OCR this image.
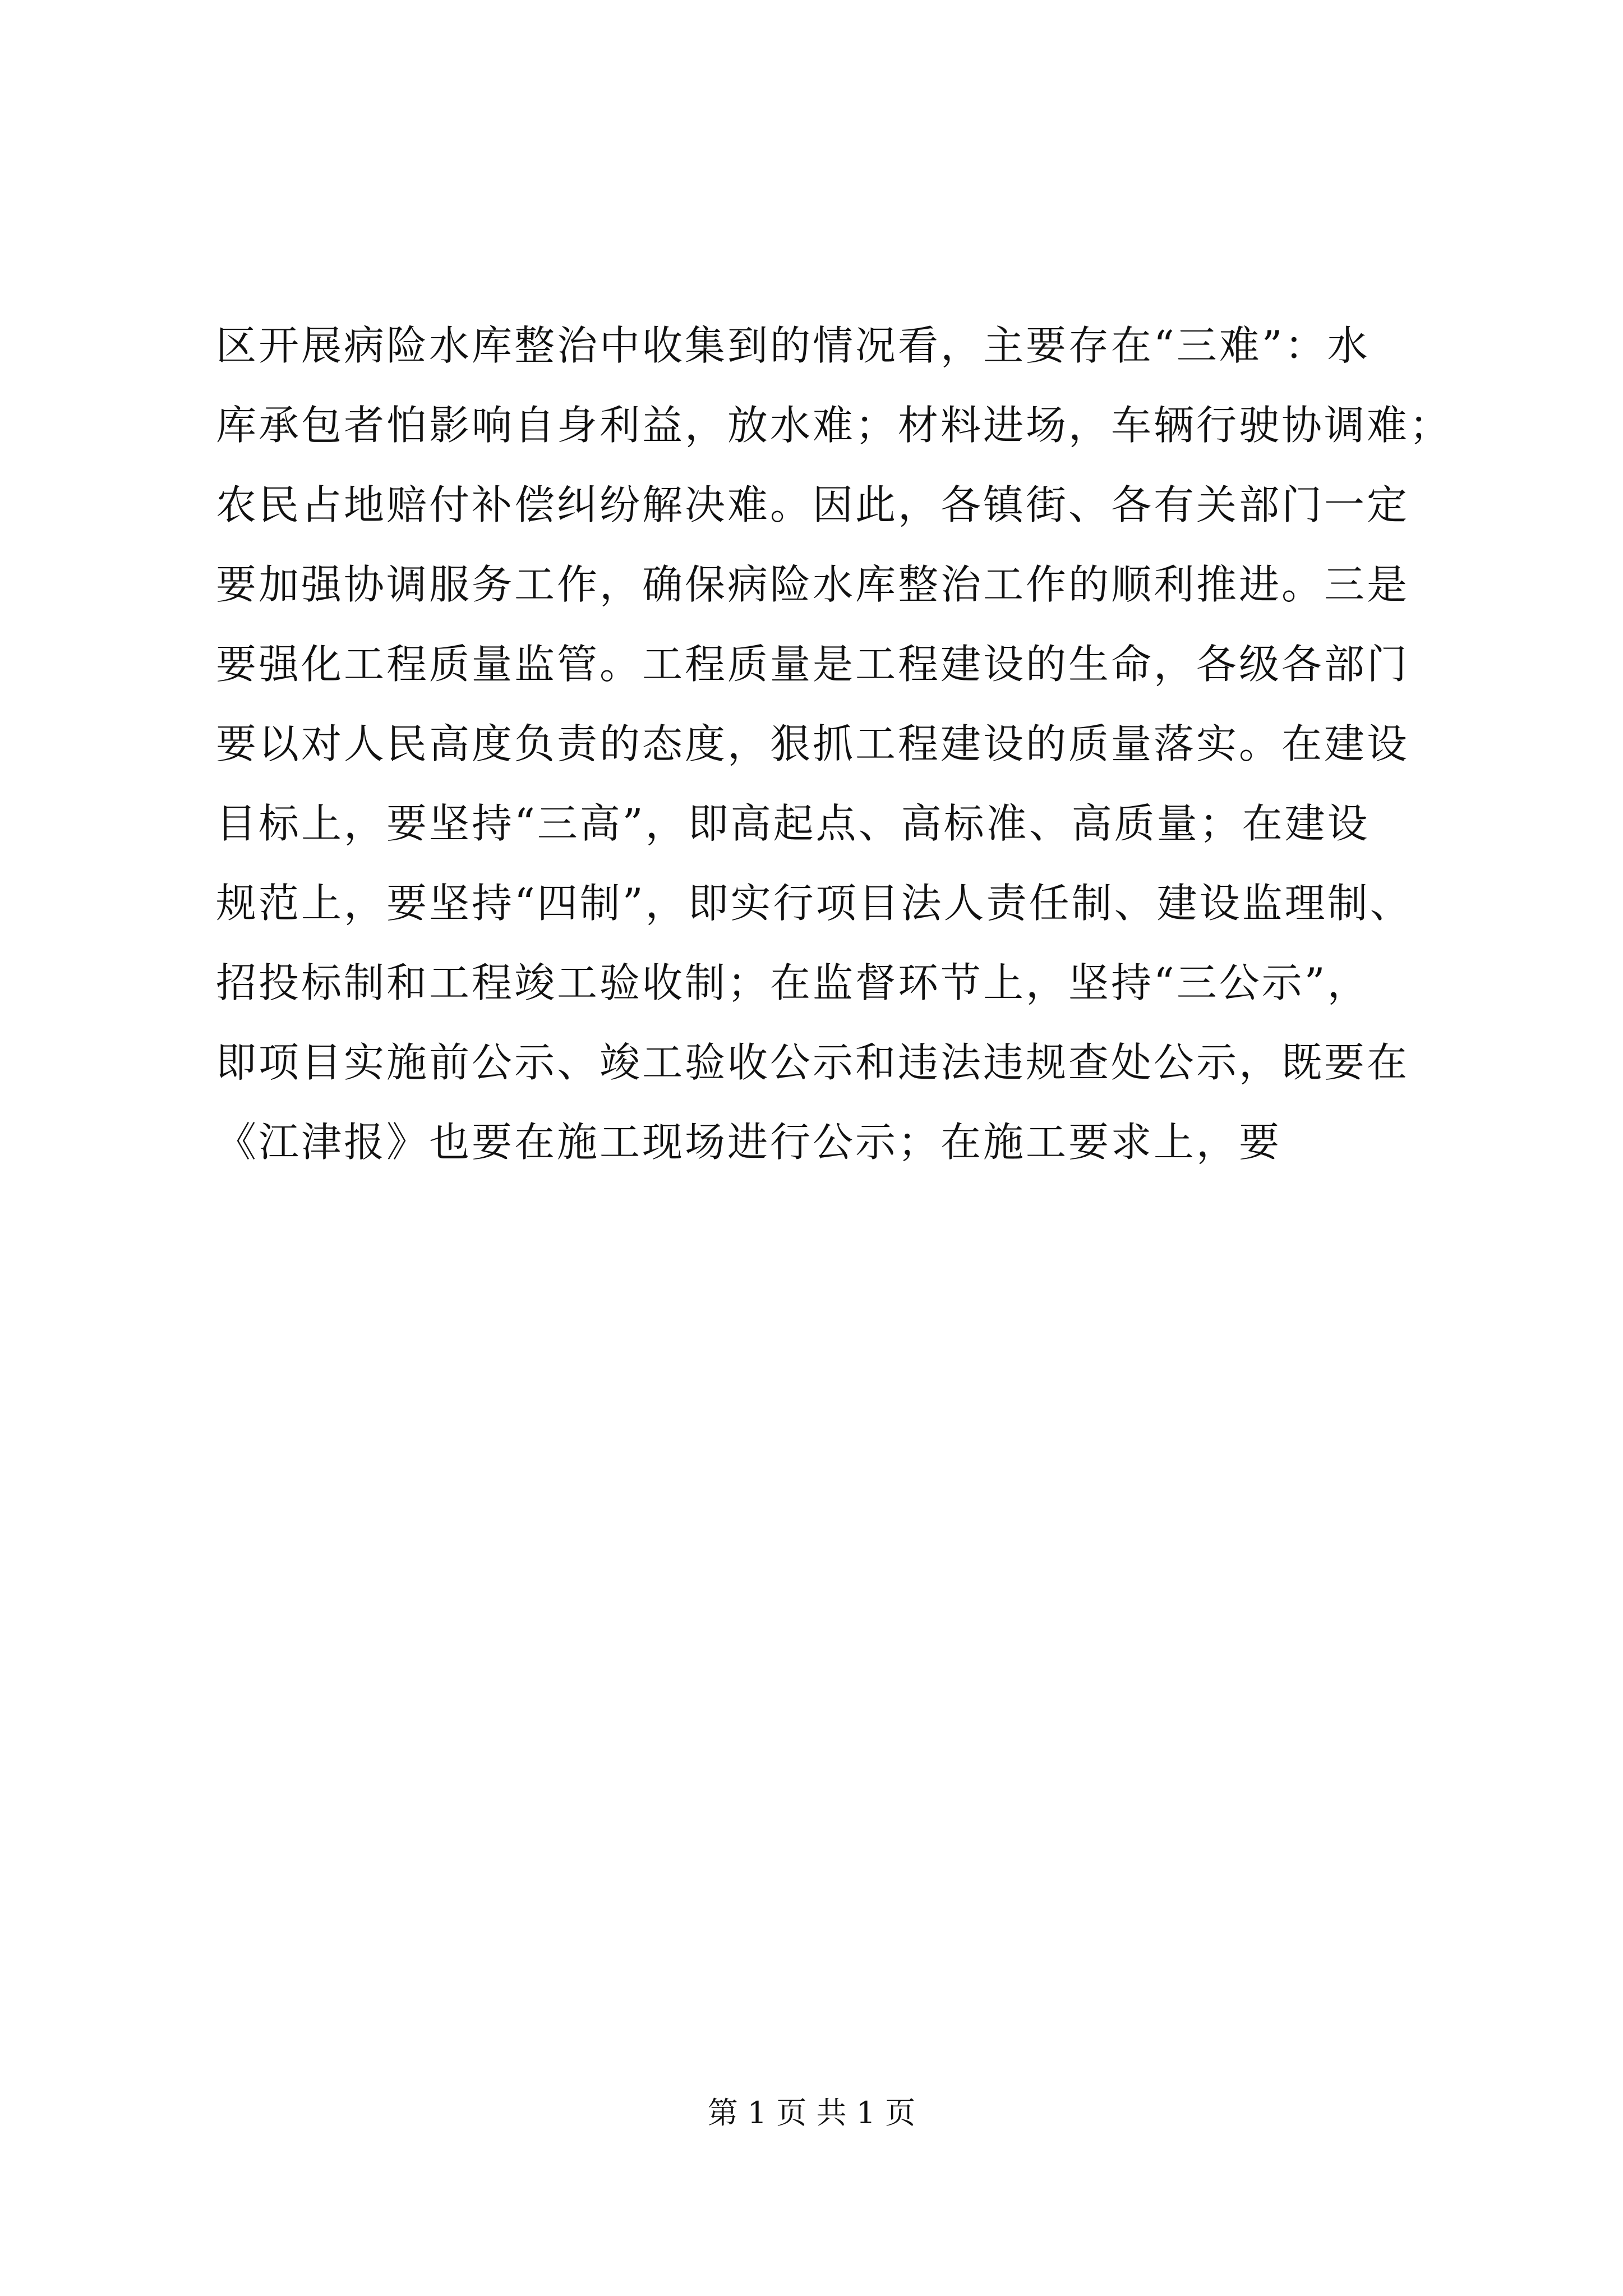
区开展病险水库整治中收集到的情况看，主要存在“三难”：水
库承包者怕影响自身利益，放水难；材料进场，车辆行驶协调难；
农民占地赔付补偿纠纷解决难。因此，各镇街、各有关部门一定
要加强协调服务工作，确保病险水库整治工作的顺利推进。三是
要强化工程质量监管。工程质量是工程建设的生命，各级各部门
要以对人民高度负责的态度，狠抓工程建设的质量落实。在建设
目标上，要坚持“三高”，即高起点、高标准、高质量；在建设
规范上，要坚持“四制”，即实行项目法人责任制、建设监理制、
招投标制和工程竣工验收制；在监督环节上，坚持“三公示”，
即项目实施前公示、竣工验收公示和违法违规查处公示，既要在
《江津报》也要在施工现场进行公示；在施工要求上，要
第 1 页 共 1 页
